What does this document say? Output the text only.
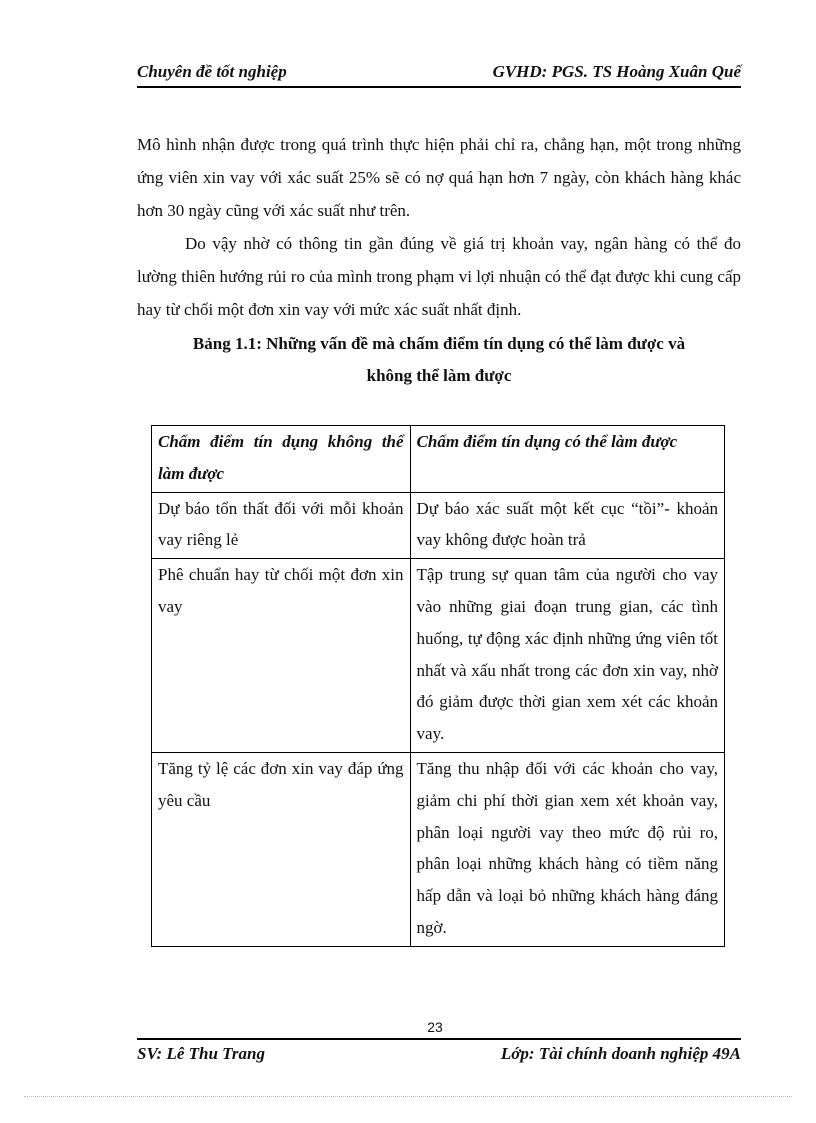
Chuyên đề tốt nghiệp	GVHD: PGS. TS Hoàng Xuân Quế

Mô hình nhận được trong quá trình thực hiện phải chỉ ra, chẳng hạn, một trong những ứng viên xin vay với xác suất 25% sẽ có nợ quá hạn hơn 7 ngày, còn khách hàng khác hơn 30 ngày cũng với xác suất như trên.

Do vậy nhờ có thông tin gần đúng về giá trị khoản vay, ngân hàng có thể đo lường thiên hướng rủi ro của mình trong phạm vi lợi nhuận có thể đạt được khi cung cấp hay từ chối một đơn xin vay với mức xác suất nhất định.

Bảng 1.1: Những vấn đề mà chấm điểm tín dụng có thể làm được và
không thể làm được
Chấm điểm tín dụng không thể làm được	Chấm điểm tín dụng có thể làm được
Dự báo tổn thất đối với mỗi khoản vay riêng lẻ	Dự báo xác suất một kết cục “tồi”- khoản vay không được hoàn trả
Phê chuẩn hay từ chối một đơn xin vay	Tập trung sự quan tâm của người cho vay vào những giai đoạn trung gian, các tình huống, tự động xác định những ứng viên tốt nhất và xấu nhất trong các đơn xin vay, nhờ đó giảm được thời gian xem xét các khoản vay.
Tăng tỷ lệ các đơn xin vay đáp ứng yêu cầu	Tăng thu nhập đối với các khoản cho vay, giảm chi phí thời gian xem xét khoản vay, phân loại người vay theo mức độ rủi ro, phân loại những khách hàng có tiềm năng hấp dẫn và loại bỏ những khách hàng đáng ngờ.
23
SV: Lê Thu Trang	Lớp: Tài chính doanh nghiệp 49A
